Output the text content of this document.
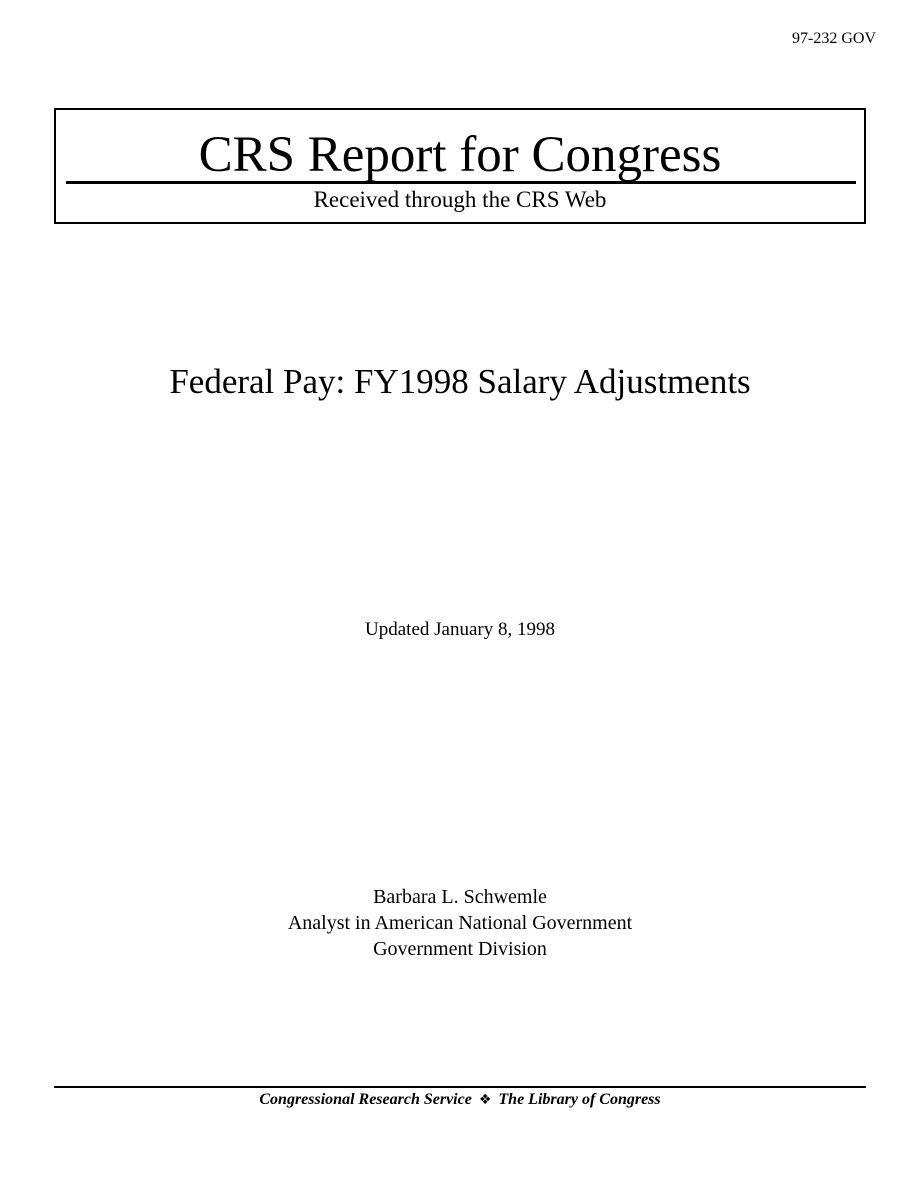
97-232 GOV
CRS Report for Congress
Received through the CRS Web
Federal Pay: FY1998 Salary Adjustments
Updated January 8, 1998
Barbara L. Schwemle
Analyst in American National Government
Government Division
Congressional Research Service ❖ The Library of Congress
